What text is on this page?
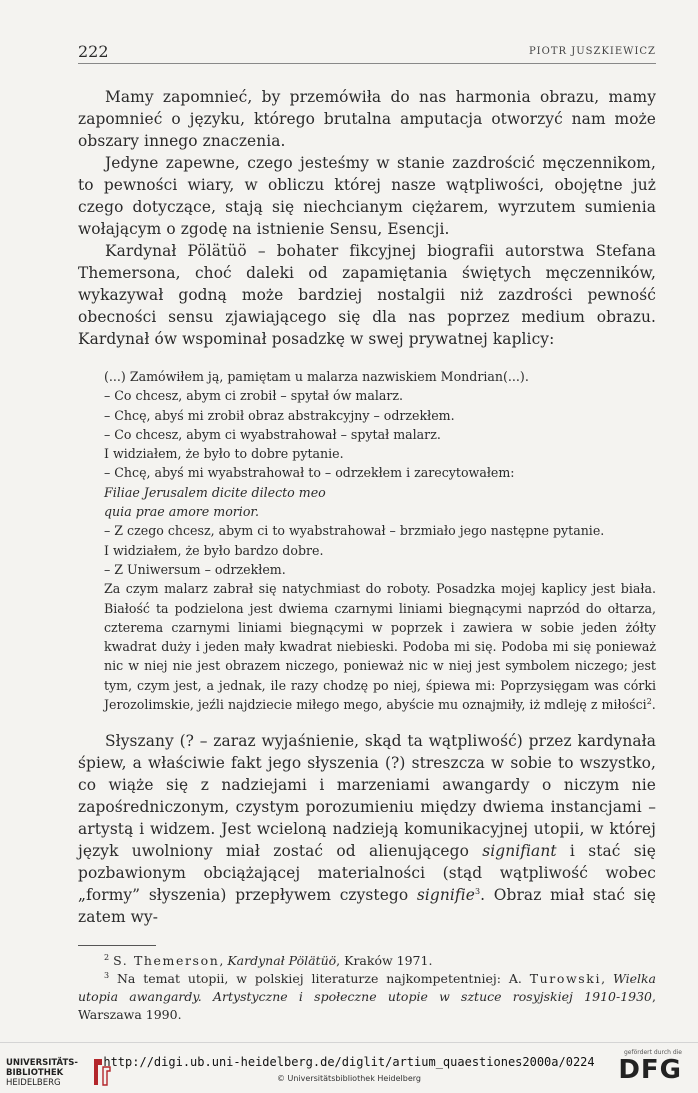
222	PIOTR JUSZKIEWICZ

Mamy zapomnieć, by przemówiła do nas harmonia obrazu, mamy zapomnieć o języku, którego brutalna amputacja otworzyć nam może obszary innego znaczenia.

Jedyne zapewne, czego jesteśmy w stanie zazdrościć męczennikom, to pewności wiary, w obliczu której nasze wątpliwości, obojętne już czego dotyczące, stają się niechcianym ciężarem, wyrzutem sumienia wołającym o zgodę na istnienie Sensu, Esencji.

Kardynał Pölätüö – bohater fikcyjnej biografii autorstwa Stefana Themersona, choć daleki od zapamiętania świętych męczenników, wykazywał godną może bardziej nostalgii niż zazdrości pewność obecności sensu zjawiającego się dla nas poprzez medium obrazu. Kardynał ów wspominał posadzkę w swej prywatnej kaplicy:

(...) Zamówiłem ją, pamiętam u malarza nazwiskiem Mondrian(...).

– Co chcesz, abym ci zrobił – spytał ów malarz.

– Chcę, abyś mi zrobił obraz abstrakcyjny – odrzekłem.

– Co chcesz, abym ci wyabstrahował – spytał malarz.

I widziałem, że było to dobre pytanie.

– Chcę, abyś mi wyabstrahował to – odrzekłem i zarecytowałem:

Filiae Jerusalem dicite dilecto meo

quia prae amore morior.

– Z czego chcesz, abym ci to wyabstrahował – brzmiało jego następne pytanie.

I widziałem, że było bardzo dobre.

– Z Uniwersum – odrzekłem.

Za czym malarz zabrał się natychmiast do roboty. Posadzka mojej kaplicy jest biała. Białość ta podzielona jest dwiema czarnymi liniami biegnącymi naprzód do ołtarza, czterema czarnymi liniami biegnącymi w poprzek i zawiera w sobie jeden żółty kwadrat duży i jeden mały kwadrat niebieski. Podoba mi się. Podoba mi się ponieważ nic w niej nie jest obrazem niczego, ponieważ nic w niej jest symbolem niczego; jest tym, czym jest, a jednak, ile razy chodzę po niej, śpiewa mi: Poprzysięgam was córki Jerozolimskie, jeźli najdziecie miłego mego, abyście mu oznajmiły, iż mdleję z miłości$^2$.

Słyszany (? – zaraz wyjaśnienie, skąd ta wątpliwość) przez kardynała śpiew, a właściwie fakt jego słyszenia (?) streszcza w sobie to wszystko, co wiąże się z nadziejami i marzeniami awangardy o niczym nie zapośredniczonym, czystym porozumieniu między dwiema instancjami – artystą i widzem. Jest wcieloną nadzieją komunikacyjnej utopii, w której język uwolniony miał zostać od alienującego signifiant i stać się pozbawionym obciążającej materialności (stąd wątpliwość wobec „formy” słyszenia) przepływem czystego signifie$^3$. Obraz miał stać się zatem wy-

$^2$ S. Themerson, Kardynał Pölätüö, Kraków 1971.

$^3$ Na temat utopii, w polskiej literaturze najkompetentniej: A. Turowski, Wielka utopia awangardy. Artystyczne i społeczne utopie w sztuce rosyjskiej 1910-1930, Warszawa 1990.

UNIVERSITÄTS-
BIBLIOTHEK
HEIDELBERG
http://digi.ub.uni-heidelberg.de/diglit/artium_quaestiones2000a/0224
© Universitätsbibliothek Heidelberg
gefördert durch die
DFG
